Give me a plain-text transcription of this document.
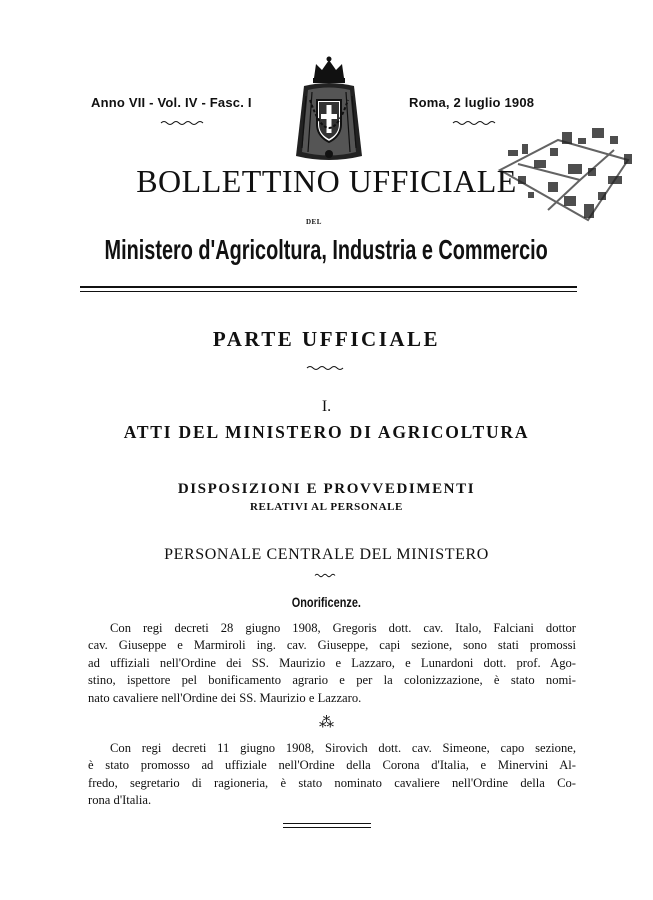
Anno VII - Vol. IV - Fasc. I	Roma, 2 luglio 1908
BOLLETTINO UFFICIALE
DEL
Ministero d'Agricoltura, Industria e Commercio
PARTE UFFICIALE
I.
ATTI DEL MINISTERO DI AGRICOLTURA
DISPOSIZIONI E PROVVEDIMENTI
RELATIVI AL PERSONALE
PERSONALE CENTRALE DEL MINISTERO
Onorificenze.
Con regi decreti 28 giugno 1908, Gregoris dott. cav. Italo, Falciani dottor
cav. Giuseppe e Marmiroli ing. cav. Giuseppe, capi sezione, sono stati promossi
ad uffiziali nell'Ordine dei SS. Maurizio e Lazzaro, e Lunardoni dott. prof. Ago-
stino, ispettore pel bonificamento agrario e per la colonizzazione, è stato nomi-
nato cavaliere nell'Ordine dei SS. Maurizio e Lazzaro.
⁂
Con regi decreti 11 giugno 1908, Sirovich dott. cav. Simeone, capo sezione,
è stato promosso ad uffiziale nell'Ordine della Corona d'Italia, e Minervini Al-
fredo, segretario di ragioneria, è stato nominato cavaliere nell'Ordine della Co-
rona d'Italia.
